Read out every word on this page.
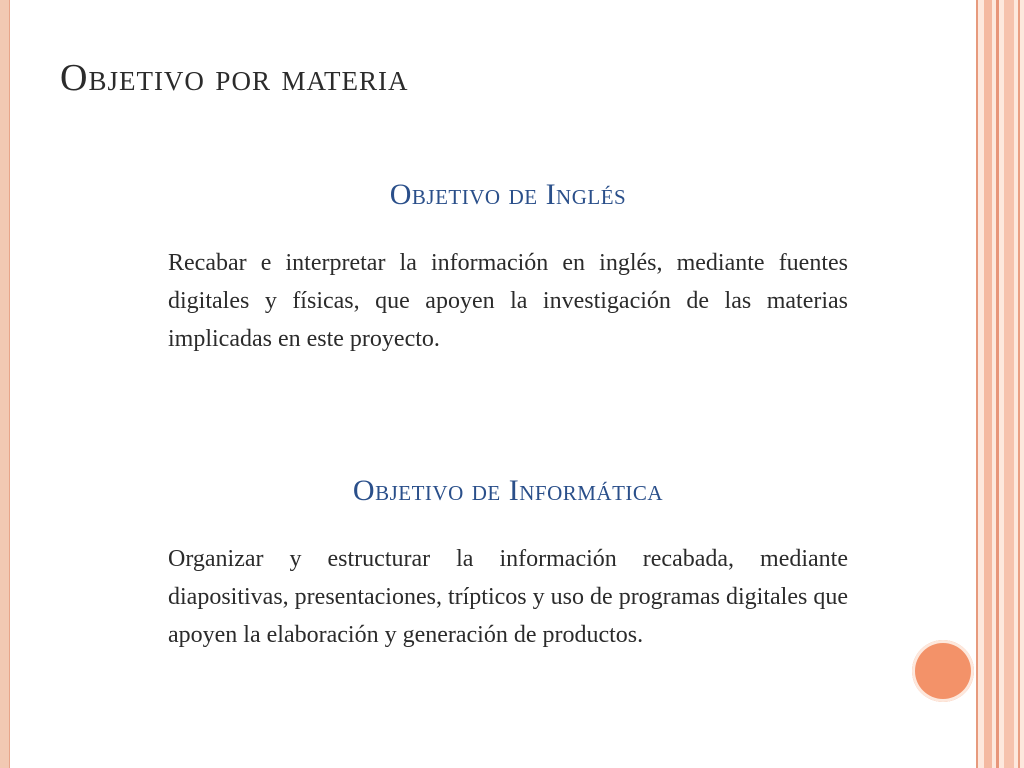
Objetivo por materia
Objetivo de Inglés

Recabar e interpretar la información en inglés, mediante fuentes digitales y físicas, que apoyen la investigación de las materias implicadas en este proyecto.

Objetivo de Informática

Organizar y estructurar la información recabada, mediante diapositivas, presentaciones, trípticos y uso de programas digitales que apoyen la elaboración y generación de productos.
